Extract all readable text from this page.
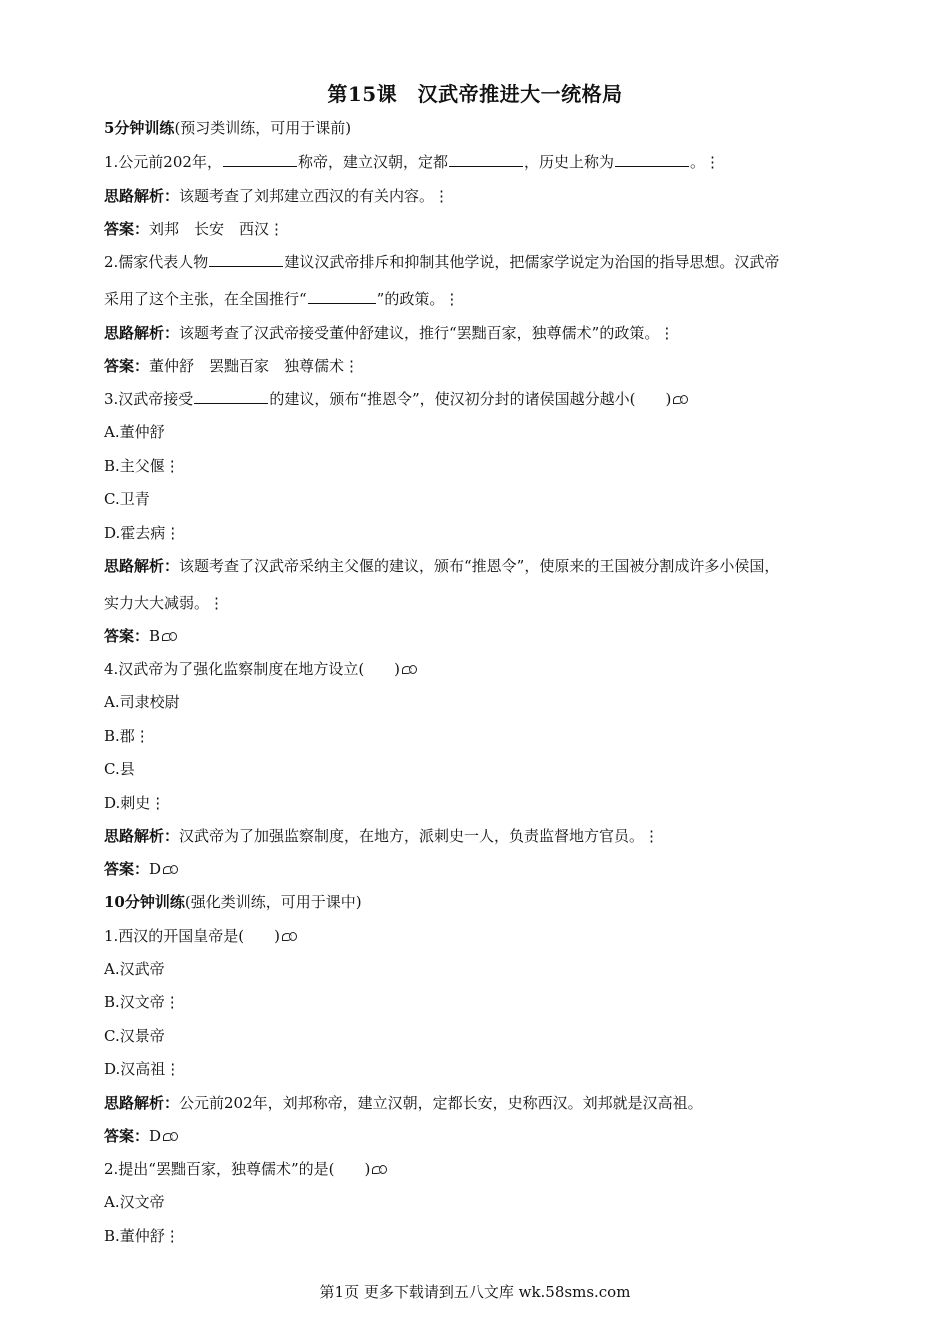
第15课　汉武帝推进大一统格局
5分钟训练(预习类训练，可用于课前)
1.公元前202年，	称帝，建立汉朝，定都	，历史上称为	。⋮
思路解析：该题考查了刘邦建立西汉的有关内容。⋮
答案：刘邦　长安　西汉⋮
2.儒家代表人物	建议汉武帝排斥和抑制其他学说，把儒家学说定为治国的指导思想。汉武帝
采用了这个主张，在全国推行“	”的政策。⋮
思路解析：该题考查了汉武帝接受董仲舒建议，推行“罢黜百家，独尊儒术”的政策。⋮
答案：董仲舒　罢黜百家　独尊儒术⋮
3.汉武帝接受	的建议，颁布“推恩令”，使汉初分封的诸侯国越分越小(　　)
A.董仲舒
B.主父偃⋮
C.卫青
D.霍去病⋮
思路解析：该题考查了汉武帝采纳主父偃的建议，颁布“推恩令”，使原来的王国被分割成许多小侯国，
实力大大减弱。⋮
答案：B
4.汉武帝为了强化监察制度在地方设立(　　)
A.司隶校尉
B.郡⋮
C.县
D.刺史⋮
思路解析：汉武帝为了加强监察制度，在地方，派刺史一人，负责监督地方官员。⋮
答案：D
10分钟训练(强化类训练，可用于课中)
1.西汉的开国皇帝是(　　)
A.汉武帝
B.汉文帝⋮
C.汉景帝
D.汉高祖⋮
思路解析：公元前202年，刘邦称帝，建立汉朝，定都长安，史称西汉。刘邦就是汉高祖。
答案：D
2.提出“罢黜百家，独尊儒术”的是(　　)
A.汉文帝
B.董仲舒⋮
第1页 更多下载请到五八文库 wk.58sms.com
